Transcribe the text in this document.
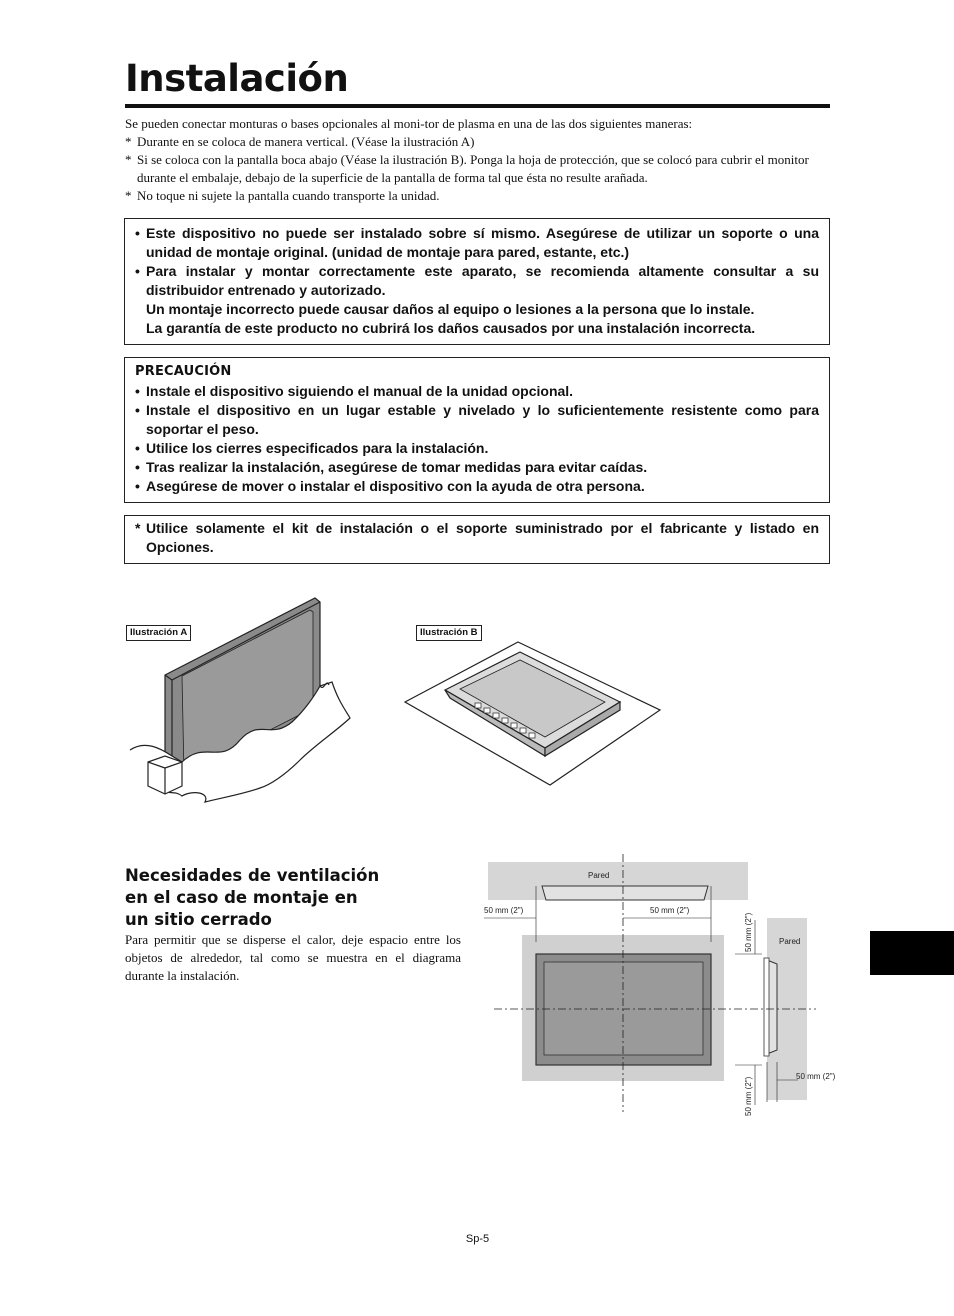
Instalación

Se pueden conectar monturas o bases opcionales al moni-tor de plasma en una de las dos siguientes maneras:

* Durante en se coloca de manera vertical. (Véase la ilustración A)
* Si se coloca con la pantalla boca abajo (Véase la ilustración B). Ponga la hoja de protección, que se colocó para cubrir el monitor durante el embalaje, debajo de la superficie de la pantalla de forma tal que ésta no resulte arañada.
* No toque ni sujete la pantalla cuando transporte la unidad.
• Este dispositivo no puede ser instalado sobre sí mismo. Asegúrese de utilizar un soporte o una unidad de montaje original. (unidad de montaje para pared, estante, etc.)
• Para instalar y montar correctamente este aparato, se recomienda altamente consultar a su distribuidor entrenado y autorizado.
Un montaje incorrecto puede causar daños al equipo o lesiones a la persona que lo instale.
La garantía de este producto no cubrirá los daños causados por una instalación incorrecta.
PRECAUCIÓN
• Instale el dispositivo siguiendo el manual de la unidad opcional.
• Instale el dispositivo en un lugar estable y nivelado y lo suficientemente resistente como para soportar el peso.
• Utilice los cierres especificados para la instalación.
• Tras realizar la instalación, asegúrese de tomar medidas para evitar caídas.
• Asegúrese de mover o instalar el dispositivo con la ayuda de otra persona.
* Utilice solamente el kit de instalación o el soporte suministrado por el fabricante y listado en Opciones.
Ilustración A	Ilustración B
Necesidades de ventilación
en el caso de montaje en
un sitio cerrado

Para permitir que se disperse el calor, deje espacio entre los objetos de alrededor, tal como se muestra en el diagrama durante la instalación.

Pared
Pared
50 mm (2")	50 mm (2")
50 mm (2")
50 mm (2")
50 mm (2")
Sp-5
